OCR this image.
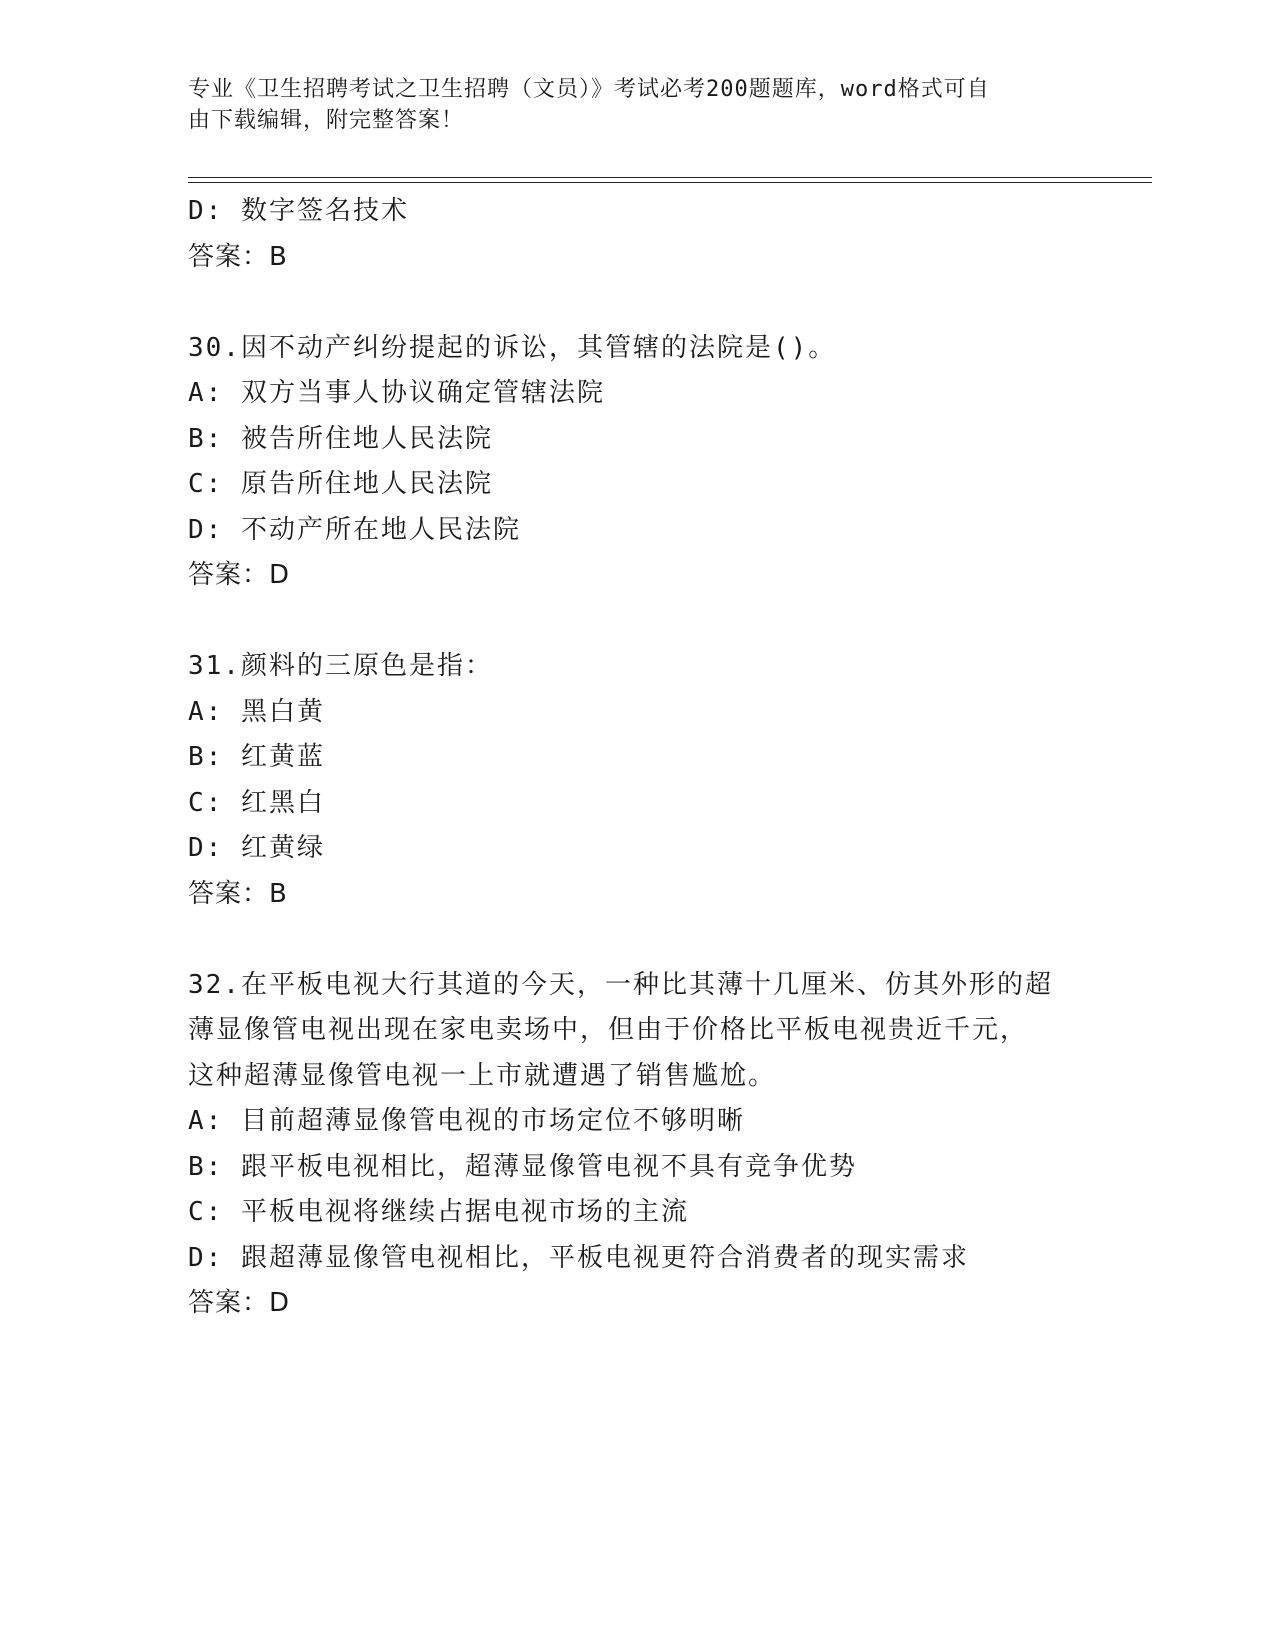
专业《卫生招聘考试之卫生招聘（文员）》考试必考200题题库，word格式可自
由下载编辑，附完整答案！
D: 数字签名技术
答案：B
30.因不动产纠纷提起的诉讼，其管辖的法院是()。
A: 双方当事人协议确定管辖法院
B: 被告所住地人民法院
C: 原告所住地人民法院
D: 不动产所在地人民法院
答案：D
31.颜料的三原色是指：
A: 黑白黄
B: 红黄蓝
C: 红黑白
D: 红黄绿
答案：B
32.在平板电视大行其道的今天，一种比其薄十几厘米、仿其外形的超
薄显像管电视出现在家电卖场中，但由于价格比平板电视贵近千元，
这种超薄显像管电视一上市就遭遇了销售尴尬。
A: 目前超薄显像管电视的市场定位不够明晰
B: 跟平板电视相比，超薄显像管电视不具有竞争优势
C: 平板电视将继续占据电视市场的主流
D: 跟超薄显像管电视相比，平板电视更符合消费者的现实需求
答案：D
